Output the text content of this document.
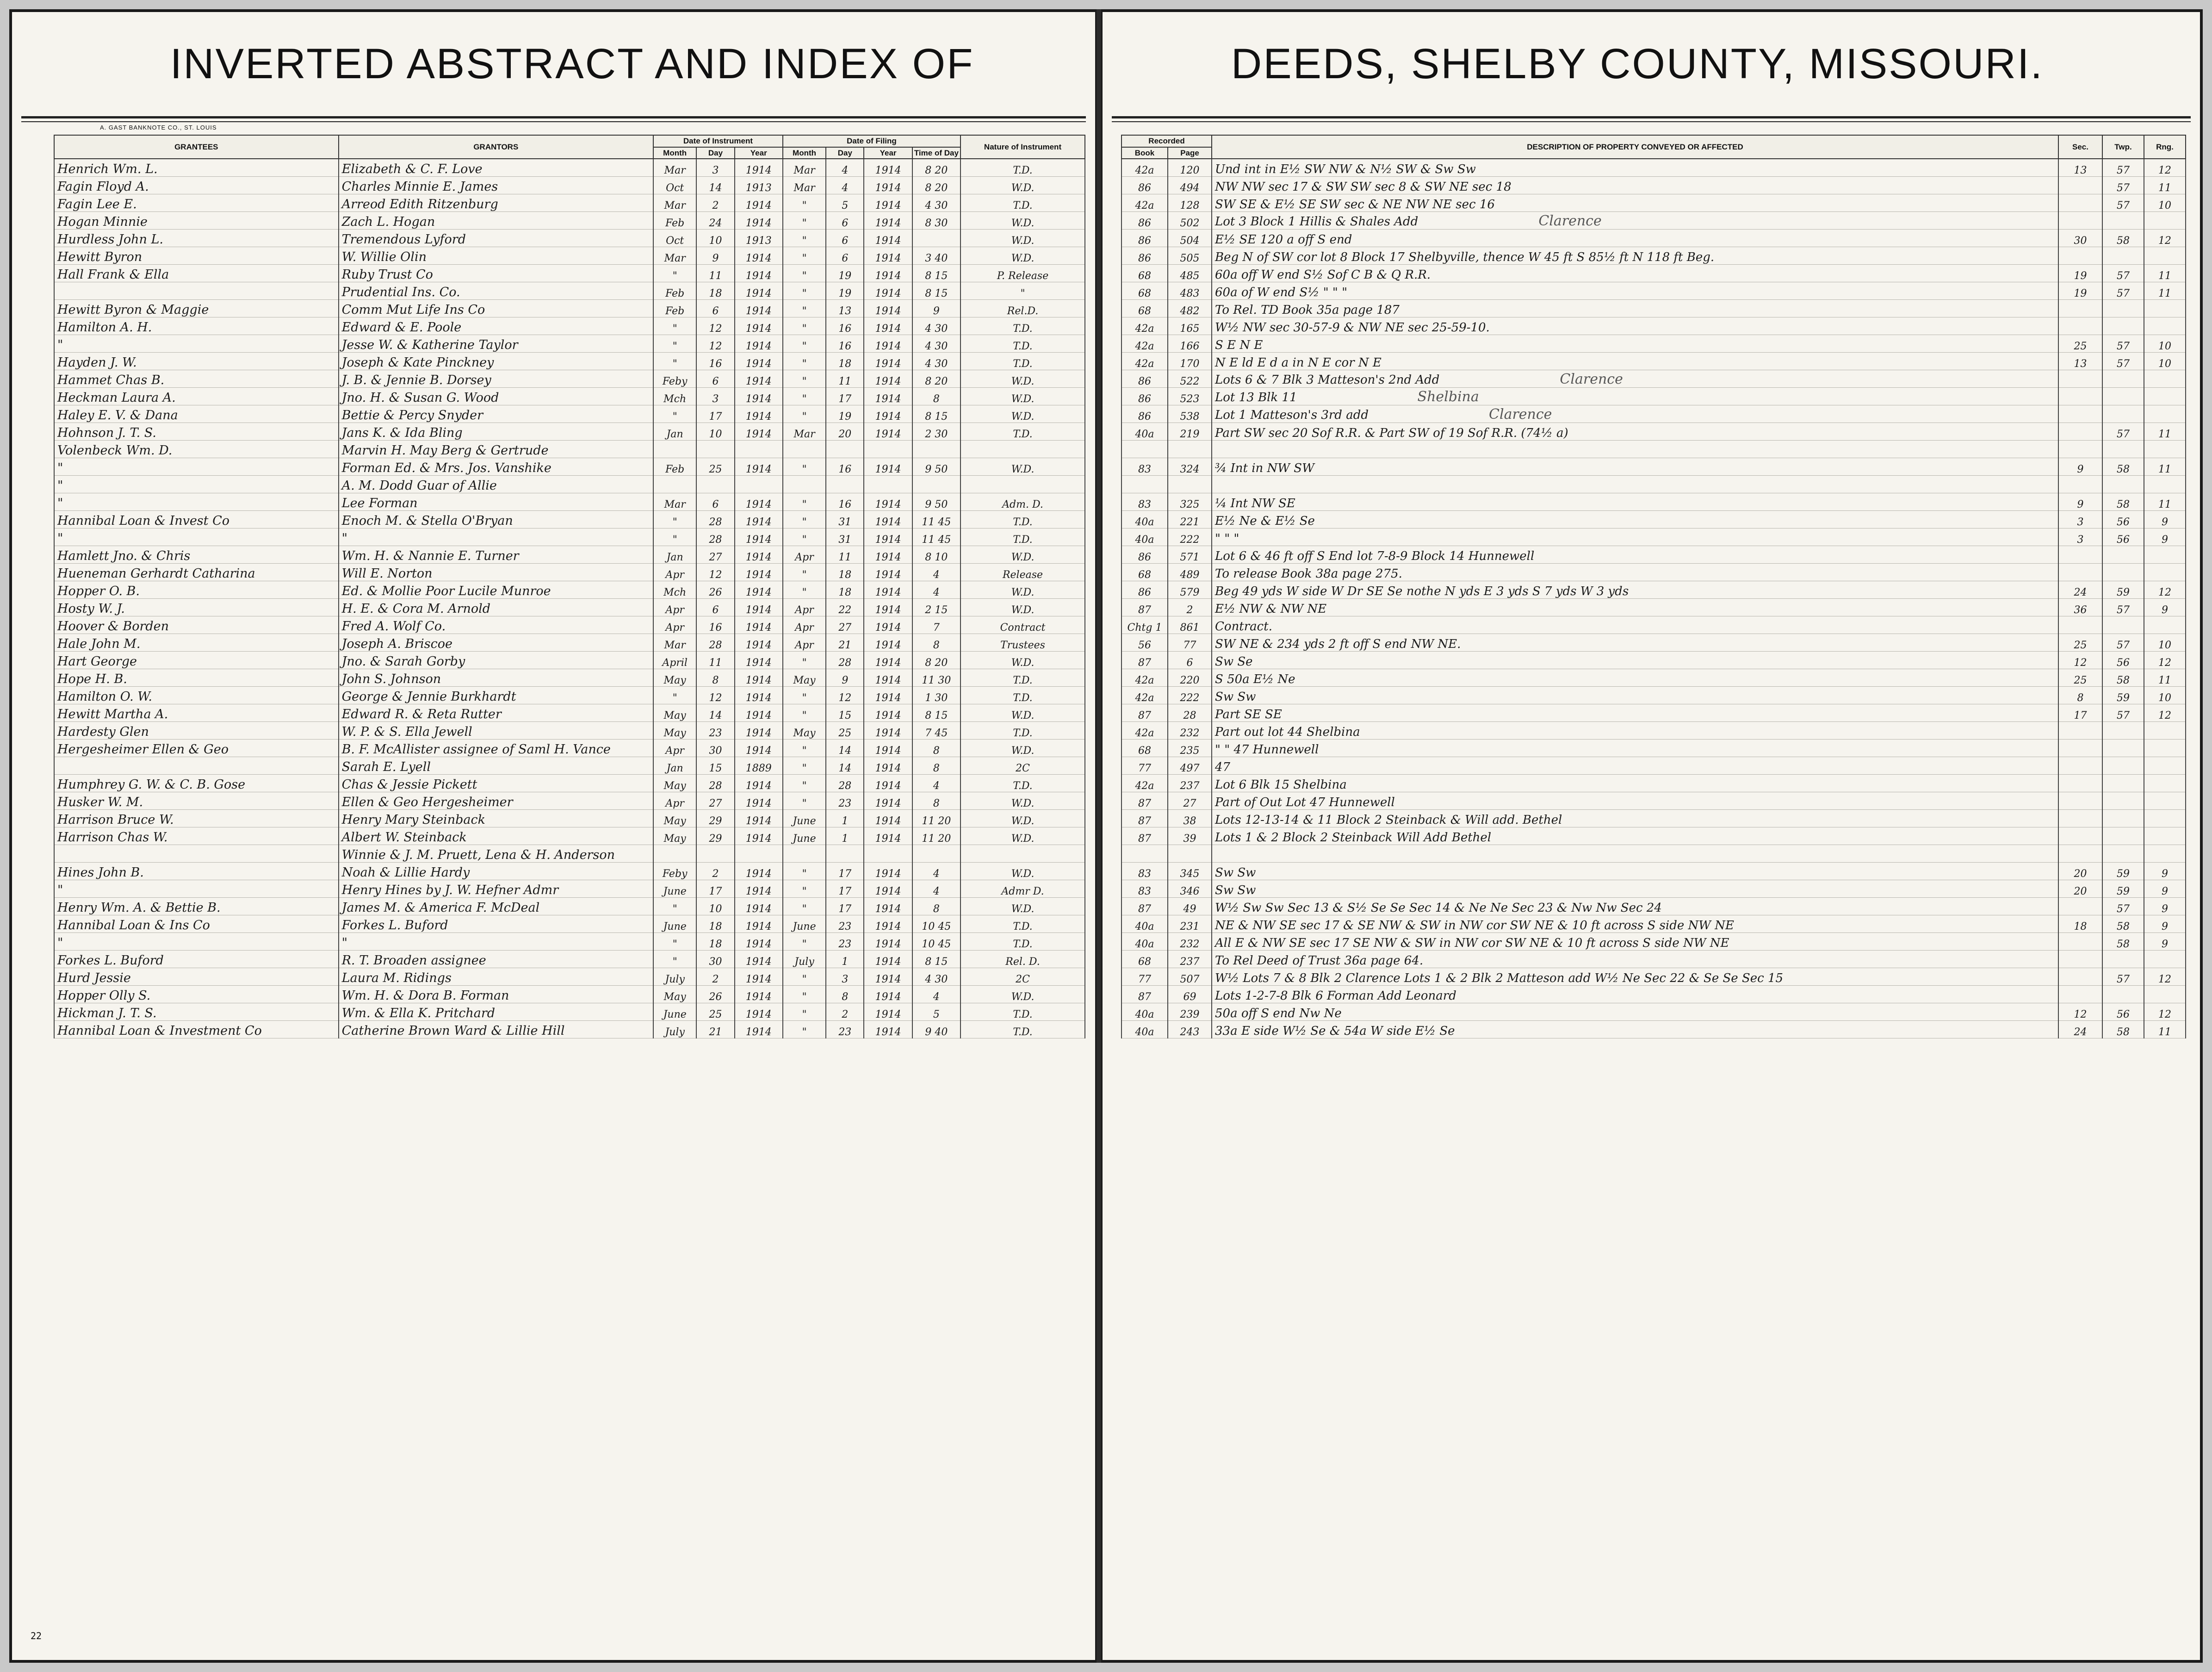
INVERTED ABSTRACT AND INDEX OF
A. GAST BANKNOTE CO., ST. LOUIS
GRANTEES	GRANTORS	Date of Instrument			Date of Filing				Nature of Instrument
		Month	Day	Year	Month	Day	Year	Time of Day	
Henrich Wm. L.	Elizabeth & C. F. Love	Mar	3	1914	Mar	4	1914	8 20	T.D.
Fagin Floyd A.	Charles Minnie E. James	Oct	14	1913	Mar	4	1914	8 20	W.D.
Fagin Lee E.	Arreod Edith Ritzenburg	Mar	2	1914	"	5	1914	4 30	T.D.
Hogan Minnie	Zach L. Hogan	Feb	24	1914	"	6	1914	8 30	W.D.
Hurdless John L.	Tremendous Lyford	Oct	10	1913	"	6	1914		W.D.
Hewitt Byron	W. Willie Olin	Mar	9	1914	"	6	1914	3 40	W.D.
Hall Frank & Ella	Ruby Trust Co	"	11	1914	"	19	1914	8 15	P. Release
	Prudential Ins. Co.	Feb	18	1914	"	19	1914	8 15	"
Hewitt Byron & Maggie	Comm Mut Life Ins Co	Feb	6	1914	"	13	1914	9	Rel.D.
Hamilton A. H.	Edward & E. Poole	"	12	1914	"	16	1914	4 30	T.D.
"	Jesse W. & Katherine Taylor	"	12	1914	"	16	1914	4 30	T.D.
Hayden J. W.	Joseph & Kate Pinckney	"	16	1914	"	18	1914	4 30	T.D.
Hammet Chas B.	J. B. & Jennie B. Dorsey	Feby	6	1914	"	11	1914	8 20	W.D.
Heckman Laura A.	Jno. H. & Susan G. Wood	Mch	3	1914	"	17	1914	8	W.D.
Haley E. V. & Dana	Bettie & Percy Snyder	"	17	1914	"	19	1914	8 15	W.D.
Hohnson J. T. S.	Jans K. & Ida Bling	Jan	10	1914	Mar	20	1914	2 30	T.D.
Volenbeck Wm. D.	Marvin H. May Berg & Gertrude								
"	Forman Ed. & Mrs. Jos. Vanshike	Feb	25	1914	"	16	1914	9 50	W.D.
"	A. M. Dodd Guar of Allie								
"	Lee Forman	Mar	6	1914	"	16	1914	9 50	Adm. D.
Hannibal Loan & Invest Co	Enoch M. & Stella O'Bryan	"	28	1914	"	31	1914	11 45	T.D.
"	"	"	28	1914	"	31	1914	11 45	T.D.
Hamlett Jno. & Chris	Wm. H. & Nannie E. Turner	Jan	27	1914	Apr	11	1914	8 10	W.D.
Hueneman Gerhardt Catharina	Will E. Norton	Apr	12	1914	"	18	1914	4	Release
Hopper O. B.	Ed. & Mollie Poor Lucile Munroe	Mch	26	1914	"	18	1914	4	W.D.
Hosty W. J.	H. E. & Cora M. Arnold	Apr	6	1914	Apr	22	1914	2 15	W.D.
Hoover & Borden	Fred A. Wolf Co.	Apr	16	1914	Apr	27	1914	7	Contract
Hale John M.	Joseph A. Briscoe	Mar	28	1914	Apr	21	1914	8	Trustees
Hart George	Jno. & Sarah Gorby	April	11	1914	"	28	1914	8 20	W.D.
Hope H. B.	John S. Johnson	May	8	1914	May	9	1914	11 30	T.D.
Hamilton O. W.	George & Jennie Burkhardt	"	12	1914	"	12	1914	1 30	T.D.
Hewitt Martha A.	Edward R. & Reta Rutter	May	14	1914	"	15	1914	8 15	W.D.
Hardesty Glen	W. P. & S. Ella Jewell	May	23	1914	May	25	1914	7 45	T.D.
Hergesheimer Ellen & Geo	B. F. McAllister assignee of Saml H. Vance	Apr	30	1914	"	14	1914	8	W.D.
	Sarah E. Lyell	Jan	15	1889	"	14	1914	8	2C
Humphrey G. W. & C. B. Gose	Chas & Jessie Pickett	May	28	1914	"	28	1914	4	T.D.
Husker W. M.	Ellen & Geo Hergesheimer	Apr	27	1914	"	23	1914	8	W.D.
Harrison Bruce W.	Henry Mary Steinback	May	29	1914	June	1	1914	11 20	W.D.
Harrison Chas W.	Albert W. Steinback	May	29	1914	June	1	1914	11 20	W.D.
	Winnie & J. M. Pruett, Lena & H. Anderson								
Hines John B.	Noah & Lillie Hardy	Feby	2	1914	"	17	1914	4	W.D.
"	Henry Hines by J. W. Hefner Admr	June	17	1914	"	17	1914	4	Admr D.
Henry Wm. A. & Bettie B.	James M. & America F. McDeal	"	10	1914	"	17	1914	8	W.D.
Hannibal Loan & Ins Co	Forkes L. Buford	June	18	1914	June	23	1914	10 45	T.D.
"	"	"	18	1914	"	23	1914	10 45	T.D.
Forkes L. Buford	R. T. Broaden assignee	"	30	1914	July	1	1914	8 15	Rel. D.
Hurd Jessie	Laura M. Ridings	July	2	1914	"	3	1914	4 30	2C
Hopper Olly S.	Wm. H. & Dora B. Forman	May	26	1914	"	8	1914	4	W.D.
Hickman J. T. S.	Wm. & Ella K. Pritchard	June	25	1914	"	2	1914	5	T.D.
Hannibal Loan & Investment Co	Catherine Brown Ward & Lillie Hill	July	21	1914	"	23	1914	9 40	T.D.
22
DEEDS, SHELBY COUNTY, MISSOURI.
Recorded		DESCRIPTION OF PROPERTY CONVEYED OR AFFECTED	Sec.	Twp.	Rng.
Book	Page				
42a	120	Und int in E½ SW NW & N½ SW & Sw Sw	13	57	12
86	494	NW NW sec 17 & SW SW sec 8 & SW NE sec 18		57	11
42a	128	SW SE & E½ SE SW sec & NE NW NE sec 16		57	10
86	502	Lot 3 Block 1 Hillis & Shales Add Clarence			
86	504	E½ SE 120 a off S end	30	58	12
86	505	Beg N of SW cor lot 8 Block 17 Shelbyville, thence W 45 ft S 85½ ft N 118 ft Beg.			
68	485	60a off W end S½ Sof C B & Q R.R.	19	57	11
68	483	60a of W end S½ " " "	19	57	11
68	482	To Rel. TD Book 35a page 187			
42a	165	W½ NW sec 30-57-9 & NW NE sec 25-59-10.			
42a	166	S E N E	25	57	10
42a	170	N E ld E d a in N E cor N E	13	57	10
86	522	Lots 6 & 7 Blk 3 Matteson's 2nd Add Clarence			
86	523	Lot 13 Blk 11 Shelbina			
86	538	Lot 1 Matteson's 3rd add Clarence			
40a	219	Part SW sec 20 Sof R.R. & Part SW of 19 Sof R.R. (74½ a)		57	11

83	324	¾ Int in NW SW	9	58	11

83	325	¼ Int NW SE	9	58	11
40a	221	E½ Ne & E½ Se	3	56	9
40a	222	" " "	3	56	9
86	571	Lot 6 & 46 ft off S End lot 7-8-9 Block 14 Hunnewell			
68	489	To release Book 38a page 275.			
86	579	Beg 49 yds W side W Dr SE Se nothe N yds E 3 yds S 7 yds W 3 yds	24	59	12
87	2	E½ NW & NW NE	36	57	9
Chtg 1	861	Contract.			
56	77	SW NE & 234 yds 2 ft off S end NW NE.	25	57	10
87	6	Sw Se	12	56	12
42a	220	S 50a E½ Ne	25	58	11
42a	222	Sw Sw	8	59	10
87	28	Part SE SE	17	57	12
42a	232	Part out lot 44 Shelbina			
68	235	" " 47 Hunnewell			
77	497	47			
42a	237	Lot 6 Blk 15 Shelbina			
87	27	Part of Out Lot 47 Hunnewell			
87	38	Lots 12-13-14 & 11 Block 2 Steinback & Will add. Bethel			
87	39	Lots 1 & 2 Block 2 Steinback Will Add Bethel			

83	345	Sw Sw	20	59	9
83	346	Sw Sw	20	59	9
87	49	W½ Sw Sw Sec 13 & S½ Se Se Sec 14 & Ne Ne Sec 23 & Nw Nw Sec 24		57	9
40a	231	NE & NW SE sec 17 & SE NW & SW in NW cor SW NE & 10 ft across S side NW NE	18	58	9
40a	232	All E & NW SE sec 17 SE NW & SW in NW cor SW NE & 10 ft across S side NW NE		58	9
68	237	To Rel Deed of Trust 36a page 64.			
77	507	W½ Lots 7 & 8 Blk 2 Clarence Lots 1 & 2 Blk 2 Matteson add W½ Ne Sec 22 & Se Se Sec 15		57	12
87	69	Lots 1-2-7-8 Blk 6 Forman Add Leonard			
40a	239	50a off S end Nw Ne	12	56	12
40a	243	33a E side W½ Se & 54a W side E½ Se	24	58	11
